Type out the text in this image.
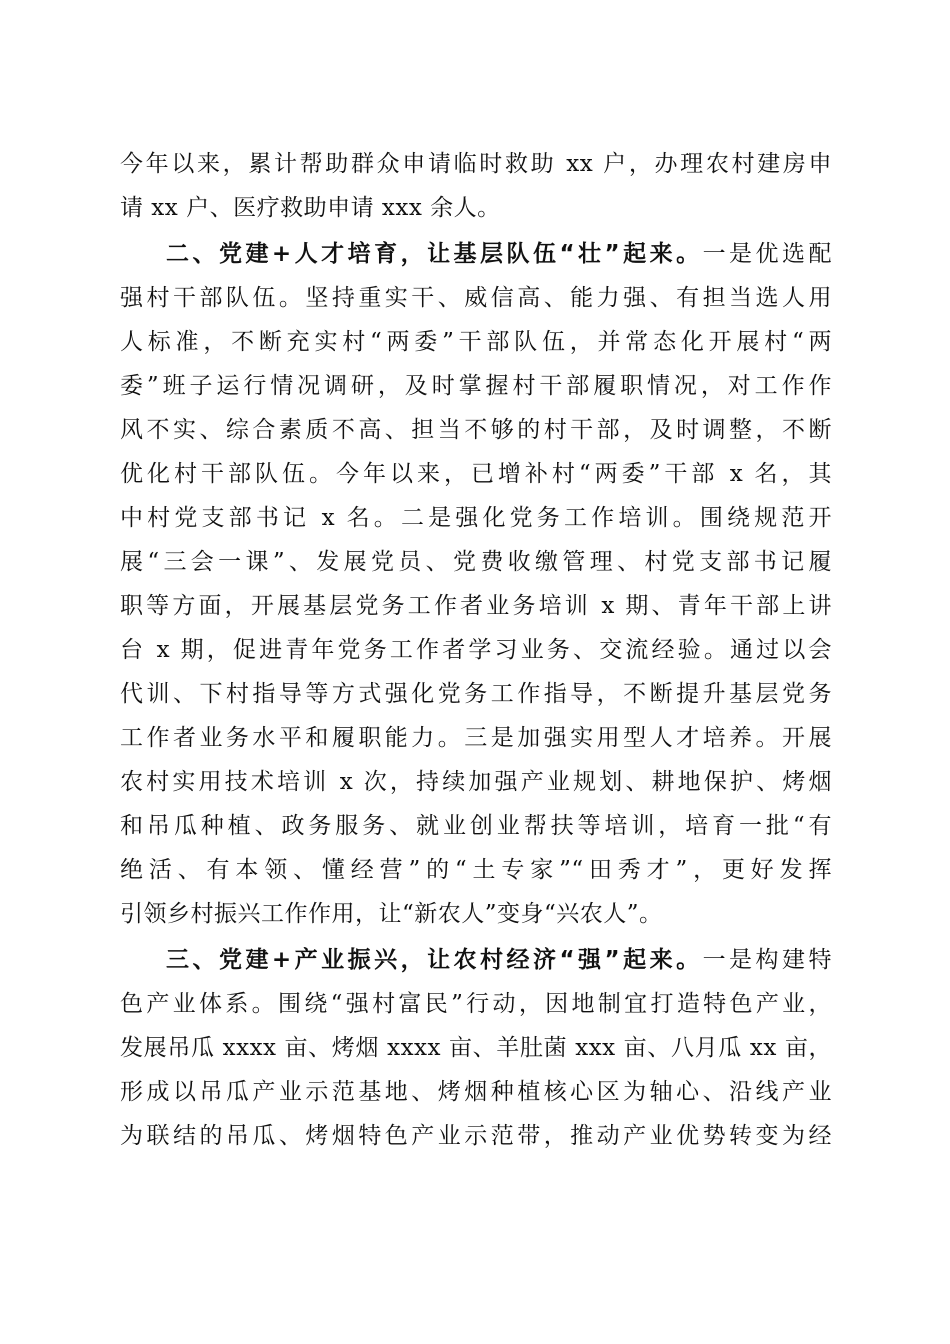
今年以来，累计帮助群众申请临时救助 xx 户，办理农村建房申

请 xx 户、医疗救助申请 xxx 余人。

二、党建+人才培育，让基层队伍“壮”起来。一是优选配

强村干部队伍。坚持重实干、威信高、能力强、有担当选人用

人标准，不断充实村“两委”干部队伍，并常态化开展村“两

委”班子运行情况调研，及时掌握村干部履职情况，对工作作

风不实、综合素质不高、担当不够的村干部，及时调整，不断

优化村干部队伍。今年以来，已增补村“两委”干部 x 名，其

中村党支部书记 x 名。二是强化党务工作培训。围绕规范开

展“三会一课”、发展党员、党费收缴管理、村党支部书记履

职等方面，开展基层党务工作者业务培训 x 期、青年干部上讲

台 x 期，促进青年党务工作者学习业务、交流经验。通过以会

代训、下村指导等方式强化党务工作指导，不断提升基层党务

工作者业务水平和履职能力。三是加强实用型人才培养。开展

农村实用技术培训 x 次，持续加强产业规划、耕地保护、烤烟

和吊瓜种植、政务服务、就业创业帮扶等培训，培育一批“有

绝活、有本领、懂经营”的“土专家”“田秀才”，更好发挥

引领乡村振兴工作作用，让“新农人”变身“兴农人”。

三、党建+产业振兴，让农村经济“强”起来。一是构建特

色产业体系。围绕“强村富民”行动，因地制宜打造特色产业，

发展吊瓜 xxxx 亩、烤烟 xxxx 亩、羊肚菌 xxx 亩、八月瓜 xx 亩，

形成以吊瓜产业示范基地、烤烟种植核心区为轴心、沿线产业

为联结的吊瓜、烤烟特色产业示范带，推动产业优势转变为经
